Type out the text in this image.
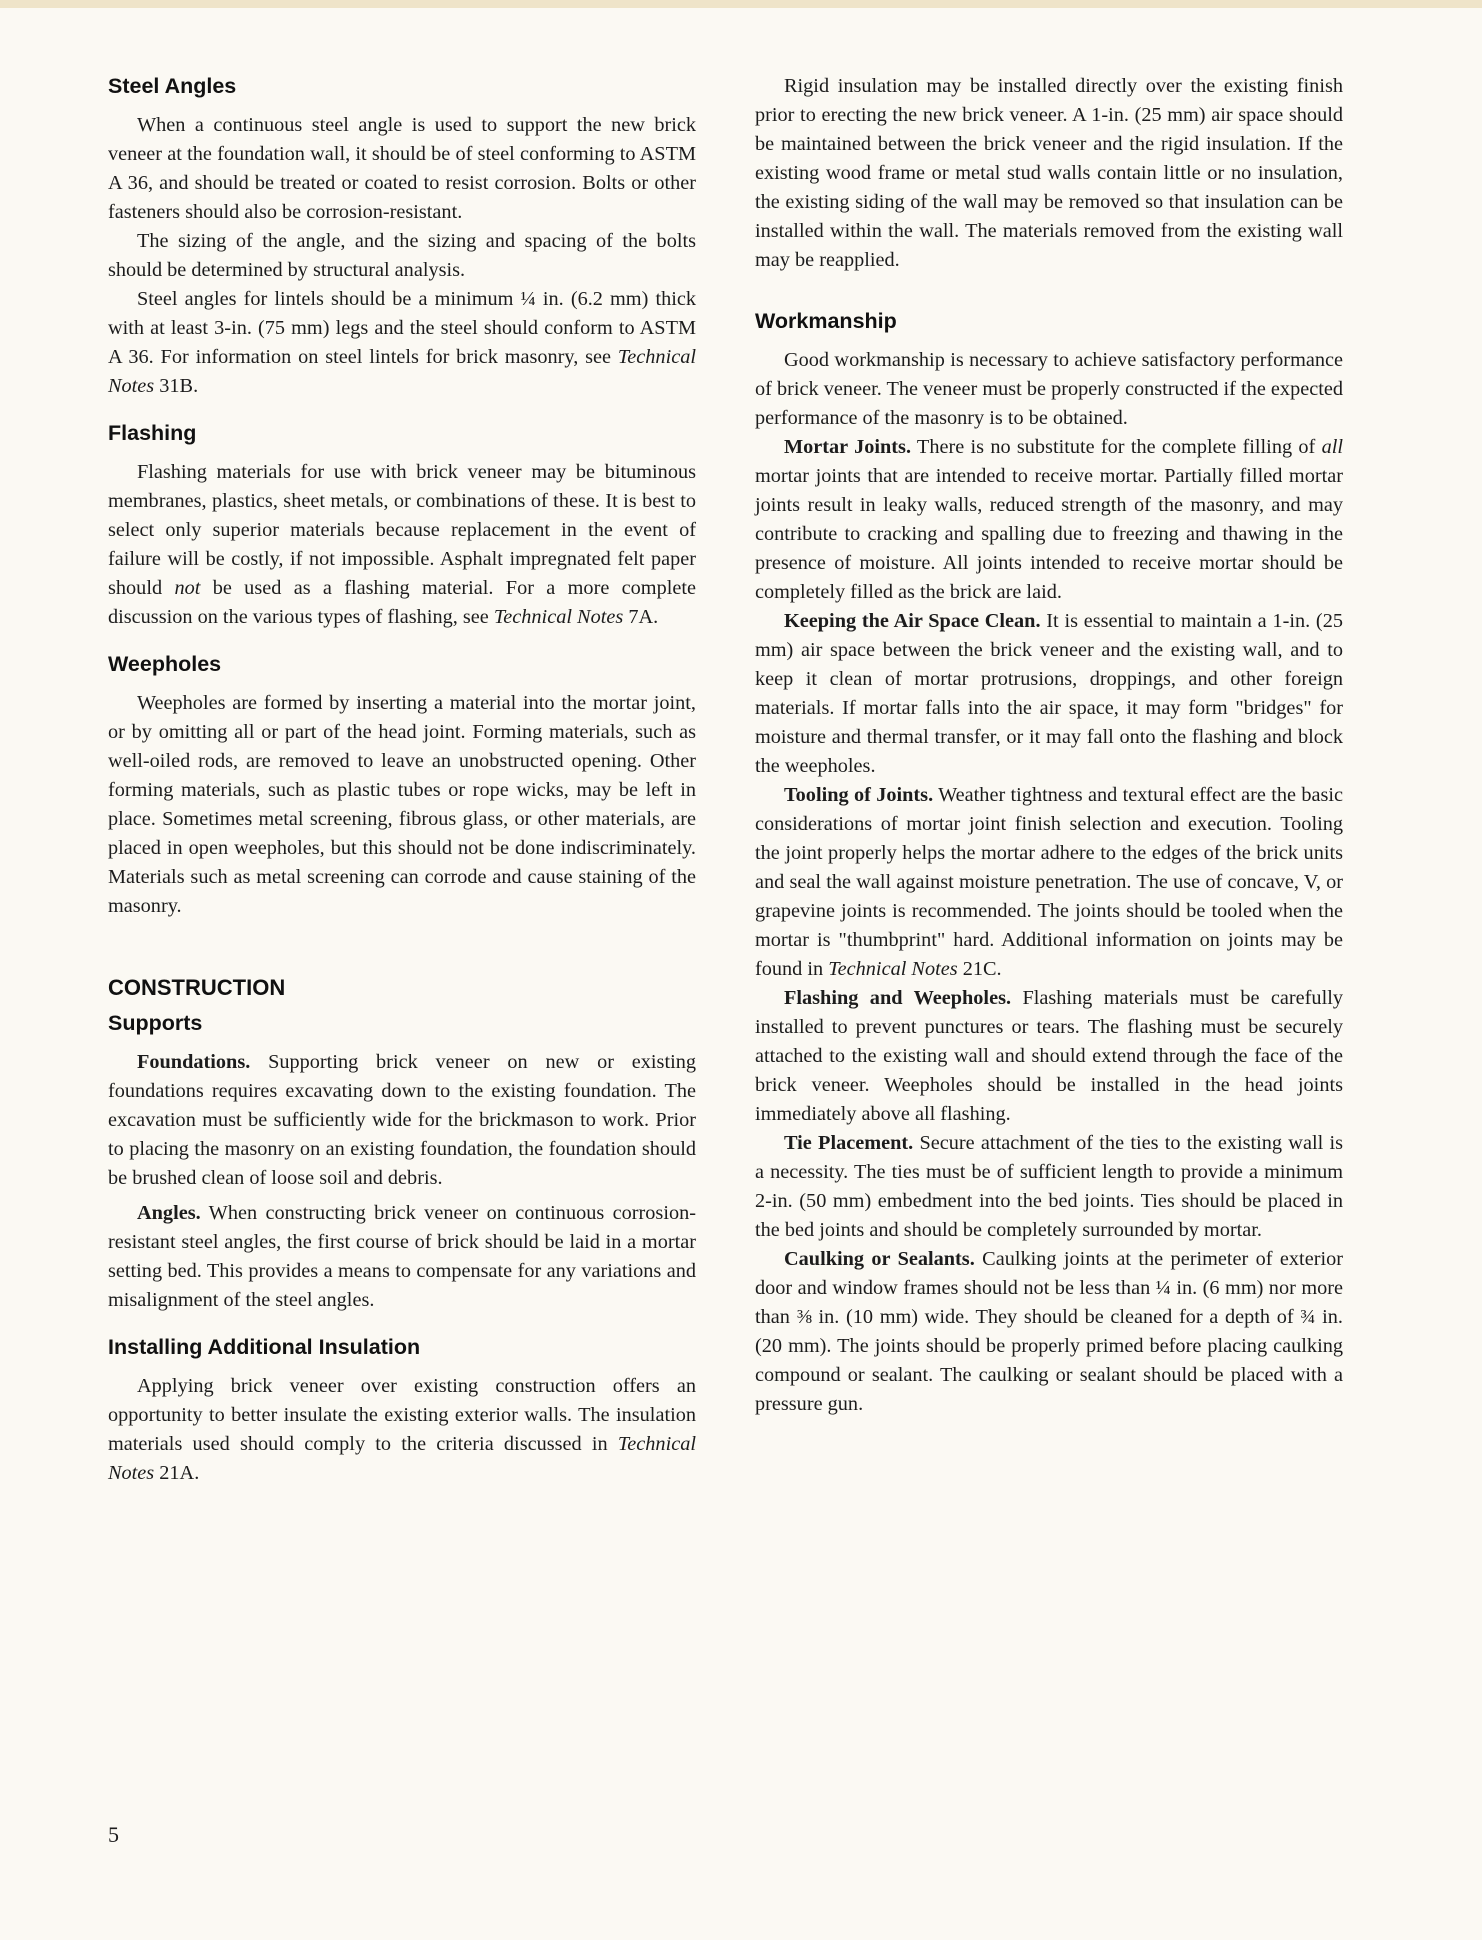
Steel Angles

When a continuous steel angle is used to support the new brick veneer at the foundation wall, it should be of steel conforming to ASTM A 36, and should be treated or coated to resist corrosion. Bolts or other fasteners should also be corrosion-resistant.

The sizing of the angle, and the sizing and spacing of the bolts should be determined by structural analysis.

Steel angles for lintels should be a minimum ¼ in. (6.2 mm) thick with at least 3-in. (75 mm) legs and the steel should conform to ASTM A 36. For information on steel lintels for brick masonry, see Technical Notes 31B.

Flashing

Flashing materials for use with brick veneer may be bituminous membranes, plastics, sheet metals, or combinations of these. It is best to select only superior materials because replacement in the event of failure will be costly, if not impossible. Asphalt impregnated felt paper should not be used as a flashing material. For a more complete discussion on the various types of flashing, see Technical Notes 7A.

Weepholes

Weepholes are formed by inserting a material into the mortar joint, or by omitting all or part of the head joint. Forming materials, such as well-oiled rods, are removed to leave an unobstructed opening. Other forming materials, such as plastic tubes or rope wicks, may be left in place. Sometimes metal screening, fibrous glass, or other materials, are placed in open weepholes, but this should not be done indiscriminately. Materials such as metal screening can corrode and cause staining of the masonry.

CONSTRUCTION
Supports

Foundations. Supporting brick veneer on new or existing foundations requires excavating down to the existing foundation. The excavation must be sufficiently wide for the brickmason to work. Prior to placing the masonry on an existing foundation, the foundation should be brushed clean of loose soil and debris.

Angles. When constructing brick veneer on continuous corrosion-resistant steel angles, the first course of brick should be laid in a mortar setting bed. This provides a means to compensate for any variations and misalignment of the steel angles.

Installing Additional Insulation

Applying brick veneer over existing construction offers an opportunity to better insulate the existing exterior walls. The insulation materials used should comply to the criteria discussed in Technical Notes 21A.

Rigid insulation may be installed directly over the existing finish prior to erecting the new brick veneer. A 1-in. (25 mm) air space should be maintained between the brick veneer and the rigid insulation. If the existing wood frame or metal stud walls contain little or no insulation, the existing siding of the wall may be removed so that insulation can be installed within the wall. The materials removed from the existing wall may be reapplied.

Workmanship

Good workmanship is necessary to achieve satisfactory performance of brick veneer. The veneer must be properly constructed if the expected performance of the masonry is to be obtained.

Mortar Joints. There is no substitute for the complete filling of all mortar joints that are intended to receive mortar. Partially filled mortar joints result in leaky walls, reduced strength of the masonry, and may contribute to cracking and spalling due to freezing and thawing in the presence of moisture. All joints intended to receive mortar should be completely filled as the brick are laid.

Keeping the Air Space Clean. It is essential to maintain a 1-in. (25 mm) air space between the brick veneer and the existing wall, and to keep it clean of mortar protrusions, droppings, and other foreign materials. If mortar falls into the air space, it may form "bridges" for moisture and thermal transfer, or it may fall onto the flashing and block the weepholes.

Tooling of Joints. Weather tightness and textural effect are the basic considerations of mortar joint finish selection and execution. Tooling the joint properly helps the mortar adhere to the edges of the brick units and seal the wall against moisture penetration. The use of concave, V, or grapevine joints is recommended. The joints should be tooled when the mortar is "thumbprint" hard. Additional information on joints may be found in Technical Notes 21C.

Flashing and Weepholes. Flashing materials must be carefully installed to prevent punctures or tears. The flashing must be securely attached to the existing wall and should extend through the face of the brick veneer. Weepholes should be installed in the head joints immediately above all flashing.

Tie Placement. Secure attachment of the ties to the existing wall is a necessity. The ties must be of sufficient length to provide a minimum 2-in. (50 mm) embedment into the bed joints. Ties should be placed in the bed joints and should be completely surrounded by mortar.

Caulking or Sealants. Caulking joints at the perimeter of exterior door and window frames should not be less than ¼ in. (6 mm) nor more than ⅜ in. (10 mm) wide. They should be cleaned for a depth of ¾ in. (20 mm). The joints should be properly primed before placing caulking compound or sealant. The caulking or sealant should be placed with a pressure gun.

5
